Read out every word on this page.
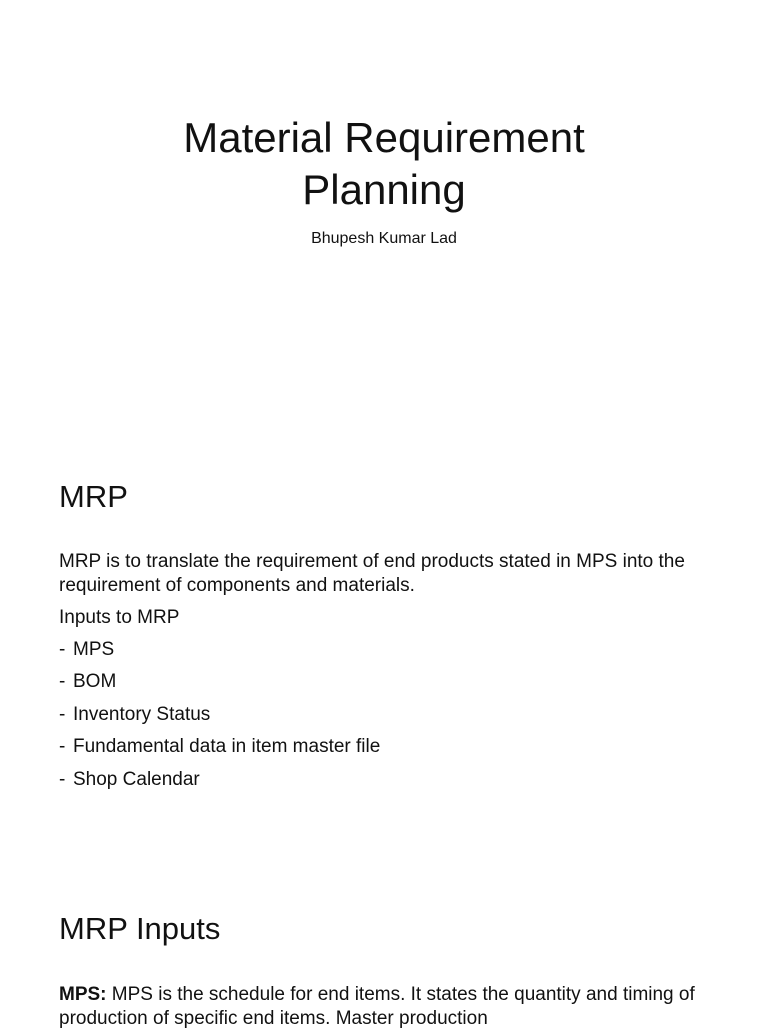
Material Requirement
Planning

Bhupesh Kumar Lad

MRP

MRP is to translate the requirement of end products stated in MPS into the requirement of components and materials.

Inputs to MRP

- MPS
- BOM
- Inventory Status
- Fundamental data in item master file
- Shop Calendar
MRP Inputs

MPS: MPS is the schedule for end items. It states the quantity and timing of production of specific end items. Master production
